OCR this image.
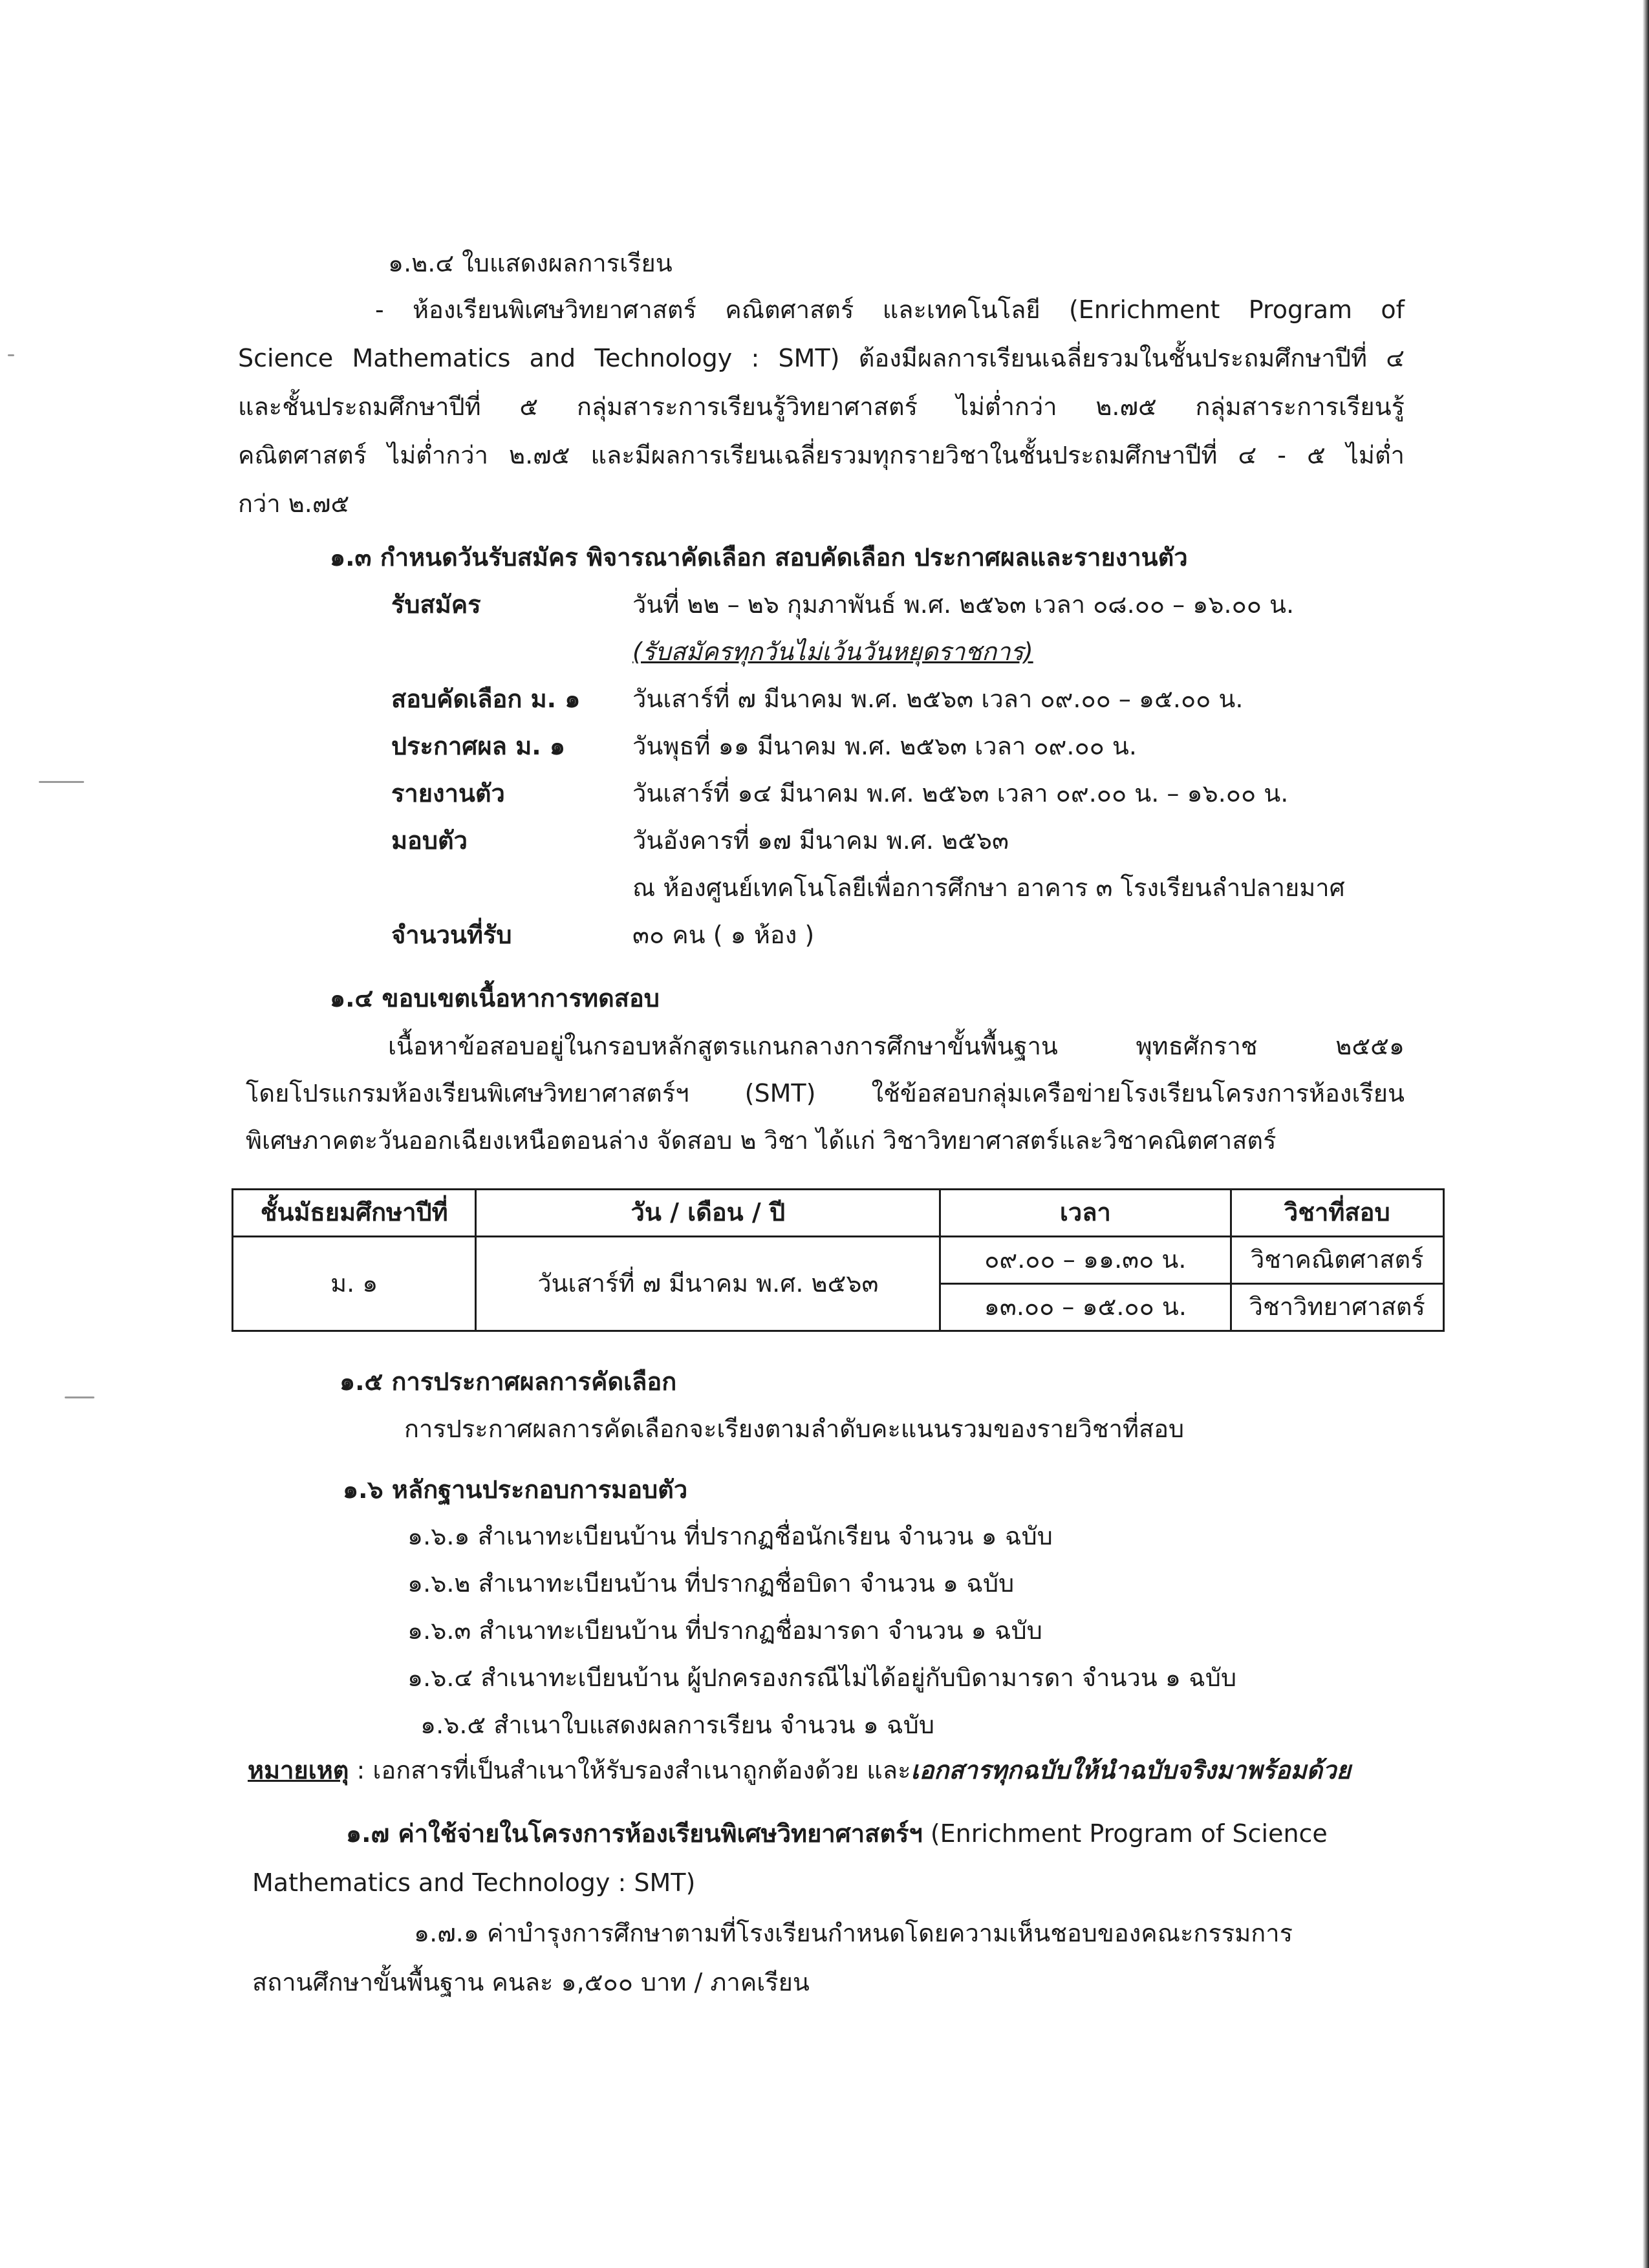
๑.๒.๔ ใบแสดงผลการเรียน
- ห้องเรียนพิเศษวิทยาศาสตร์ คณิตศาสตร์ และเทคโนโลยี (Enrichment Program of
Science Mathematics and Technology : SMT) ต้องมีผลการเรียนเฉลี่ยรวมในชั้นประถมศึกษาปีที่ ๔
และชั้นประถมศึกษาปีที่ ๕ กลุ่มสาระการเรียนรู้วิทยาศาสตร์ ไม่ต่ำกว่า ๒.๗๕ กลุ่มสาระการเรียนรู้
คณิตศาสตร์ ไม่ต่ำกว่า ๒.๗๕ และมีผลการเรียนเฉลี่ยรวมทุกรายวิชาในชั้นประถมศึกษาปีที่ ๔ - ๕ ไม่ต่ำ
กว่า ๒.๗๕
๑.๓ กำหนดวันรับสมัคร พิจารณาคัดเลือก สอบคัดเลือก ประกาศผลและรายงานตัว
รับสมัคร	วันที่ ๒๒ – ๒๖ กุมภาพันธ์ พ.ศ. ๒๕๖๓ เวลา ๐๘.๐๐ – ๑๖.๐๐ น.
(รับสมัครทุกวันไม่เว้นวันหยุดราชการ)
สอบคัดเลือก ม. ๑ วันเสาร์ที่ ๗ มีนาคม พ.ศ. ๒๕๖๓ เวลา ๐๙.๐๐ – ๑๕.๐๐ น.
ประกาศผล ม. ๑	วันพุธที่ ๑๑ มีนาคม พ.ศ. ๒๕๖๓ เวลา ๐๙.๐๐ น.
รายงานตัว	วันเสาร์ที่ ๑๔ มีนาคม พ.ศ. ๒๕๖๓ เวลา ๐๙.๐๐ น. – ๑๖.๐๐ น.
มอบตัว	วันอังคารที่ ๑๗ มีนาคม พ.ศ. ๒๕๖๓
ณ ห้องศูนย์เทคโนโลยีเพื่อการศึกษา อาคาร ๓ โรงเรียนลำปลายมาศ
จำนวนที่รับ	๓๐ คน ( ๑ ห้อง )
๑.๔ ขอบเขตเนื้อหาการทดสอบ
เนื้อหาข้อสอบอยู่ในกรอบหลักสูตรแกนกลางการศึกษาขั้นพื้นฐาน พุทธศักราช ๒๕๕๑
โดยโปรแกรมห้องเรียนพิเศษวิทยาศาสตร์ฯ (SMT) ใช้ข้อสอบกลุ่มเครือข่ายโรงเรียนโครงการห้องเรียน
พิเศษภาคตะวันออกเฉียงเหนือตอนล่าง จัดสอบ ๒ วิชา ได้แก่ วิชาวิทยาศาสตร์และวิชาคณิตศาสตร์
ชั้นมัธยมศึกษาปีที่	วัน / เดือน / ปี	เวลา	วิชาที่สอบ
ม. ๑	วันเสาร์ที่ ๗ มีนาคม พ.ศ. ๒๕๖๓	๐๙.๐๐ – ๑๑.๓๐ น.	วิชาคณิตศาสตร์
		๑๓.๐๐ – ๑๕.๐๐ น.	วิชาวิทยาศาสตร์
๑.๕ การประกาศผลการคัดเลือก
การประกาศผลการคัดเลือกจะเรียงตามลำดับคะแนนรวมของรายวิชาที่สอบ
๑.๖ หลักฐานประกอบการมอบตัว
๑.๖.๑ สำเนาทะเบียนบ้าน ที่ปรากฏชื่อนักเรียน จำนวน ๑ ฉบับ
๑.๖.๒ สำเนาทะเบียนบ้าน ที่ปรากฏชื่อบิดา จำนวน ๑ ฉบับ
๑.๖.๓ สำเนาทะเบียนบ้าน ที่ปรากฏชื่อมารดา จำนวน ๑ ฉบับ
๑.๖.๔ สำเนาทะเบียนบ้าน ผู้ปกครองกรณีไม่ได้อยู่กับบิดามารดา จำนวน ๑ ฉบับ
๑.๖.๕ สำเนาใบแสดงผลการเรียน จำนวน ๑ ฉบับ
หมายเหตุ : เอกสารที่เป็นสำเนาให้รับรองสำเนาถูกต้องด้วย และเอกสารทุกฉบับให้นำฉบับจริงมาพร้อมด้วย
๑.๗ ค่าใช้จ่ายในโครงการห้องเรียนพิเศษวิทยาศาสตร์ฯ (Enrichment Program of Science
Mathematics and Technology : SMT)
๑.๗.๑ ค่าบำรุงการศึกษาตามที่โรงเรียนกำหนดโดยความเห็นชอบของคณะกรรมการ
สถานศึกษาขั้นพื้นฐาน คนละ ๑,๕๐๐ บาท / ภาคเรียน
